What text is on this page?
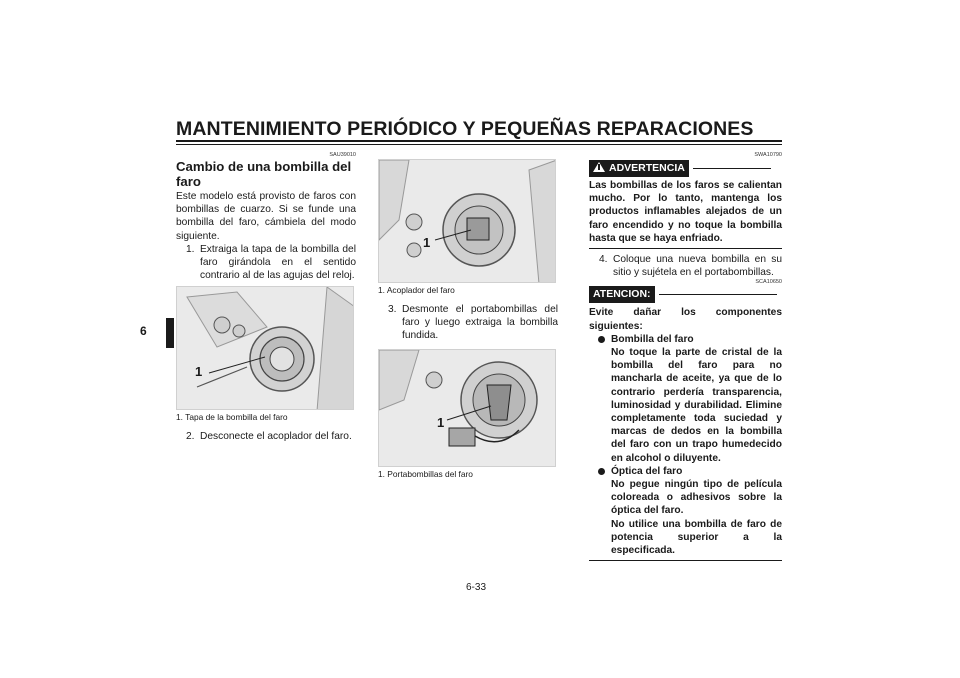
MANTENIMIENTO PERIÓDICO Y PEQUEÑAS REPARACIONES
6
SAU39010
Cambio de una bombilla del faro
Este modelo está provisto de faros con bombillas de cuarzo. Si se funde una bombilla del faro, cámbiela del modo siguiente.
1. Extraiga la tapa de la bombilla del faro girándola en el sentido contrario al de las agujas del reloj.
1
1. Tapa de la bombilla del faro
2. Desconecte el acoplador del faro.
1
1. Acoplador del faro
3. Desmonte el portabombillas del faro y luego extraiga la bombilla fundida.
1
1. Portabombillas del faro
SWA10790
ADVERTENCIA
Las bombillas de los faros se calientan mucho. Por lo tanto, mantenga los productos inflamables alejados de un faro encendido y no toque la bombilla hasta que se haya enfriado.
4. Coloque una nueva bombilla en su sitio y sujétela en el portabombillas.
SCA10650
ATENCION:
Evite dañar los componentes siguientes:
Bombilla del faro
No toque la parte de cristal de la bombilla del faro para no mancharla de aceite, ya que de lo contrario perdería transparencia, luminosidad y durabilidad. Elimine completamente toda suciedad y marcas de dedos en la bombilla del faro con un trapo humedecido en alcohol o diluyente.
Óptica del faro
No pegue ningún tipo de película coloreada o adhesivos sobre la óptica del faro.
No utilice una bombilla de faro de potencia superior a la especificada.
6-33
